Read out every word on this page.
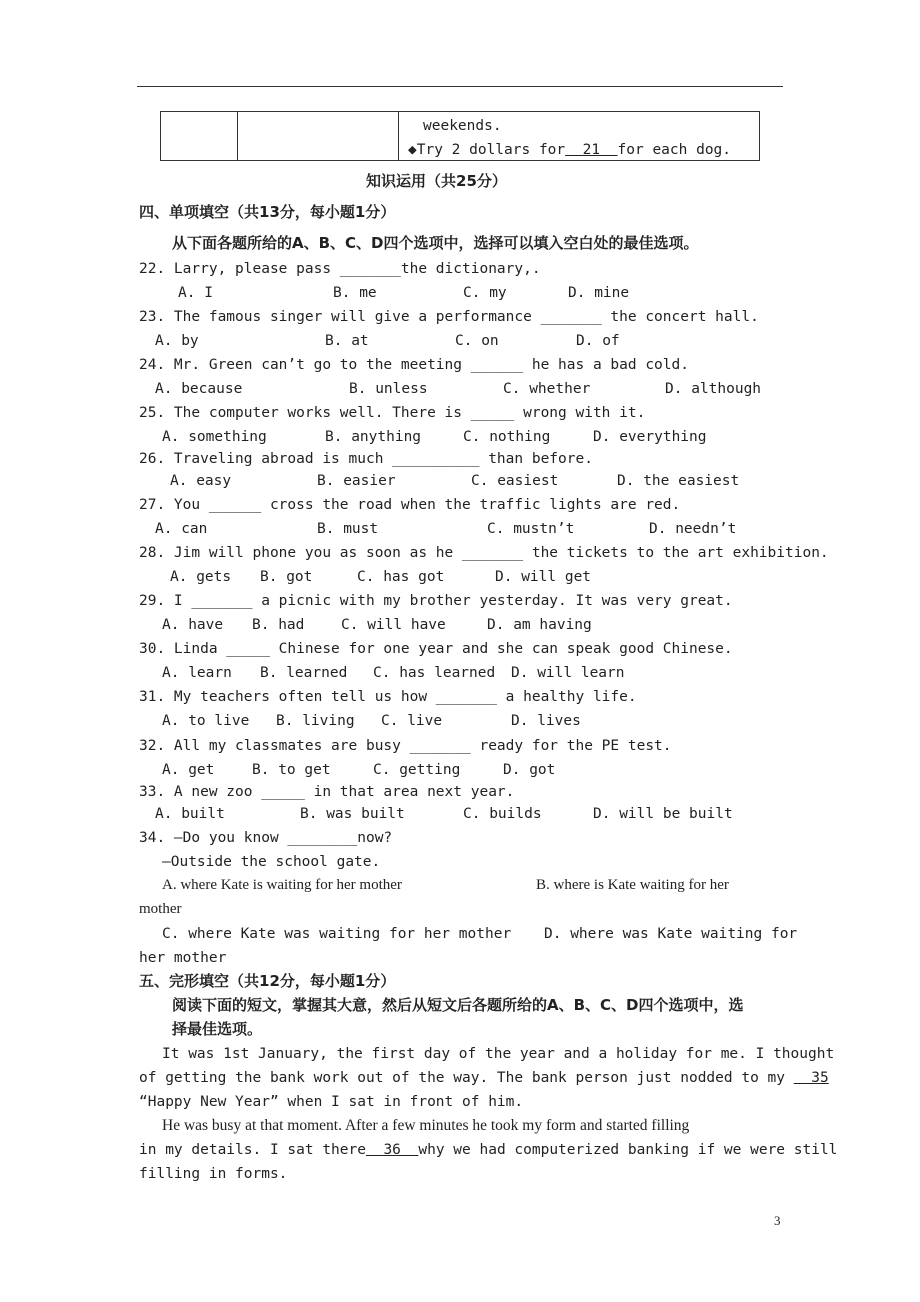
weekends.
◆Try 2 dollars for  21  for each dog.
知识运用（共25分）
四、单项填空（共13分，每小题1分）
从下面各题所给的A、B、C、D四个选项中，选择可以填入空白处的最佳选项。
22. Larry, please pass _______the dictionary,.
A. I	B. me	C. my	D. mine
23. The famous singer will give a performance _______ the concert hall.
A. by	B. at	C. on	D. of
24. Mr. Green can’t go to the meeting ______ he has a bad cold.
A. because	B. unless	C. whether	D. although
25. The computer works well. There is _____ wrong with it.
A. something	B. anything	C. nothing	D. everything
26. Traveling abroad is much __________ than before.
A. easy	B. easier	C. easiest	D. the easiest
27. You ______ cross the road when the traffic lights are red.
A. can	B. must	C. mustn’t	D. needn’t
28. Jim will phone you as soon as he _______ the tickets to the art exhibition.
A. gets B. got	C. has got	D. will get
29. I _______ a picnic with my brother yesterday. It was very great.
A. have B. had	C. will have	D. am having
30. Linda _____ Chinese for one year and she can speak good Chinese.
A. learn B. learned C. has learned D. will learn
31. My teachers often tell us how _______ a healthy life.
A. to live B. living C. live	D. lives
32. All my classmates are busy _______ ready for the PE test.
A. get	B. to get	C. getting	D. got
33. A new zoo _____ in that area next year.
A. built	B. was built	C. builds	D. will be built
34. —Do you know ________now?
—Outside the school gate.
A. where Kate is waiting for her mother	B. where is Kate waiting for her
mother
C. where Kate was waiting for her mother D. where was Kate waiting for
her mother
五、完形填空（共12分，每小题1分）
阅读下面的短文，掌握其大意，然后从短文后各题所给的A、B、C、D四个选项中，选
择最佳选项。
It was 1st January, the first day of the year and a holiday for me. I thought
of getting the bank work out of the way. The bank person just nodded to my   35
“Happy New Year” when I sat in front of him.
He was busy at that moment. After a few minutes he took my form and started filling
in my details. I sat there  36  why we had computerized banking if we were still
filling in forms.
3
